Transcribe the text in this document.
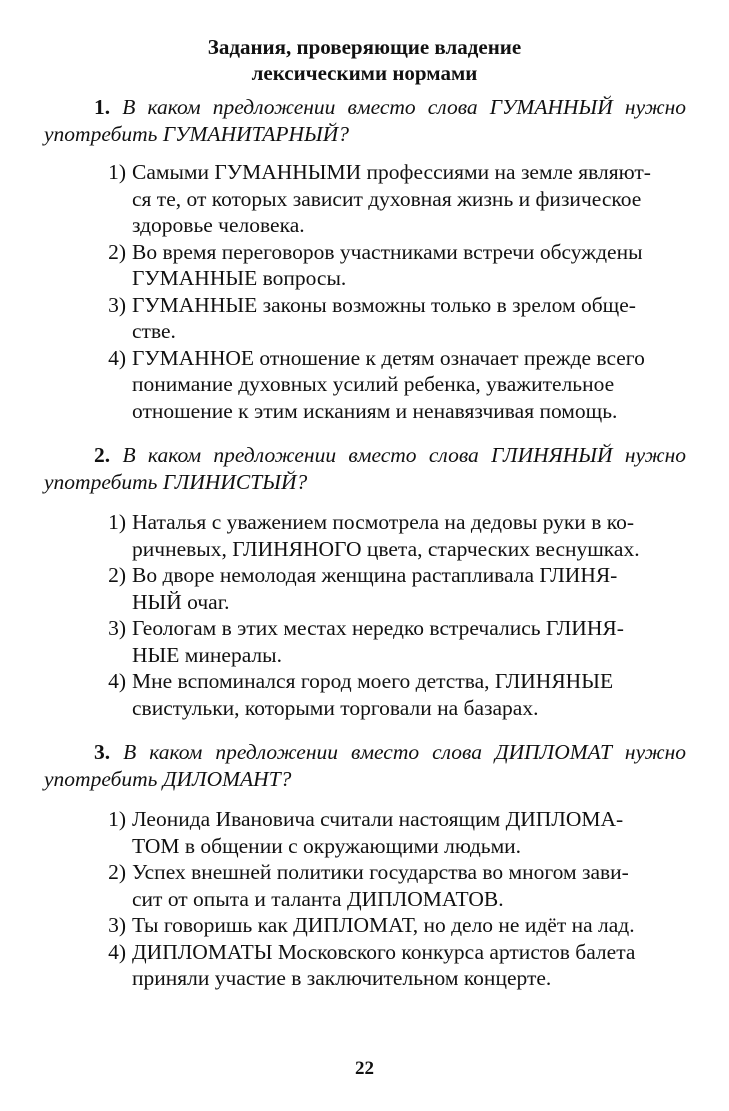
Задания, проверяющие владение
лексическими нормами
1. В каком предложении вместо слова ГУМАННЫЙ нужно
употребить ГУМАНИТАРНЫЙ?
1) Самыми ГУМАННЫМИ профессиями на земле являют-
ся те, от которых зависит духовная жизнь и физическое
здоровье человека.
2) Во время переговоров участниками встречи обсуждены
ГУМАННЫЕ вопросы.
3) ГУМАННЫЕ законы возможны только в зрелом обще-
стве.
4) ГУМАННОЕ отношение к детям означает прежде всего
понимание духовных усилий ребенка, уважительное
отношение к этим исканиям и ненавязчивая помощь.
2. В каком предложении вместо слова ГЛИНЯНЫЙ нужно
употребить ГЛИНИСТЫЙ?
1) Наталья с уважением посмотрела на дедовы руки в ко-
ричневых, ГЛИНЯНОГО цвета, старческих веснушках.
2) Во дворе немолодая женщина растапливала ГЛИНЯ-
НЫЙ очаг.
3) Геологам в этих местах нередко встречались ГЛИНЯ-
НЫЕ минералы.
4) Мне вспоминался город моего детства, ГЛИНЯНЫЕ
свистульки, которыми торговали на базарах.
3. В каком предложении вместо слова ДИПЛОМАТ нужно
употребить ДИЛОМАНТ?
1) Леонида Ивановича считали настоящим ДИПЛОМА-
ТОМ в общении с окружающими людьми.
2) Успех внешней политики государства во многом зави-
сит от опыта и таланта ДИПЛОМАТОВ.
3) Ты говоришь как ДИПЛОМАТ, но дело не идёт на лад.
4) ДИПЛОМАТЫ Московского конкурса артистов балета
приняли участие в заключительном концерте.
22
